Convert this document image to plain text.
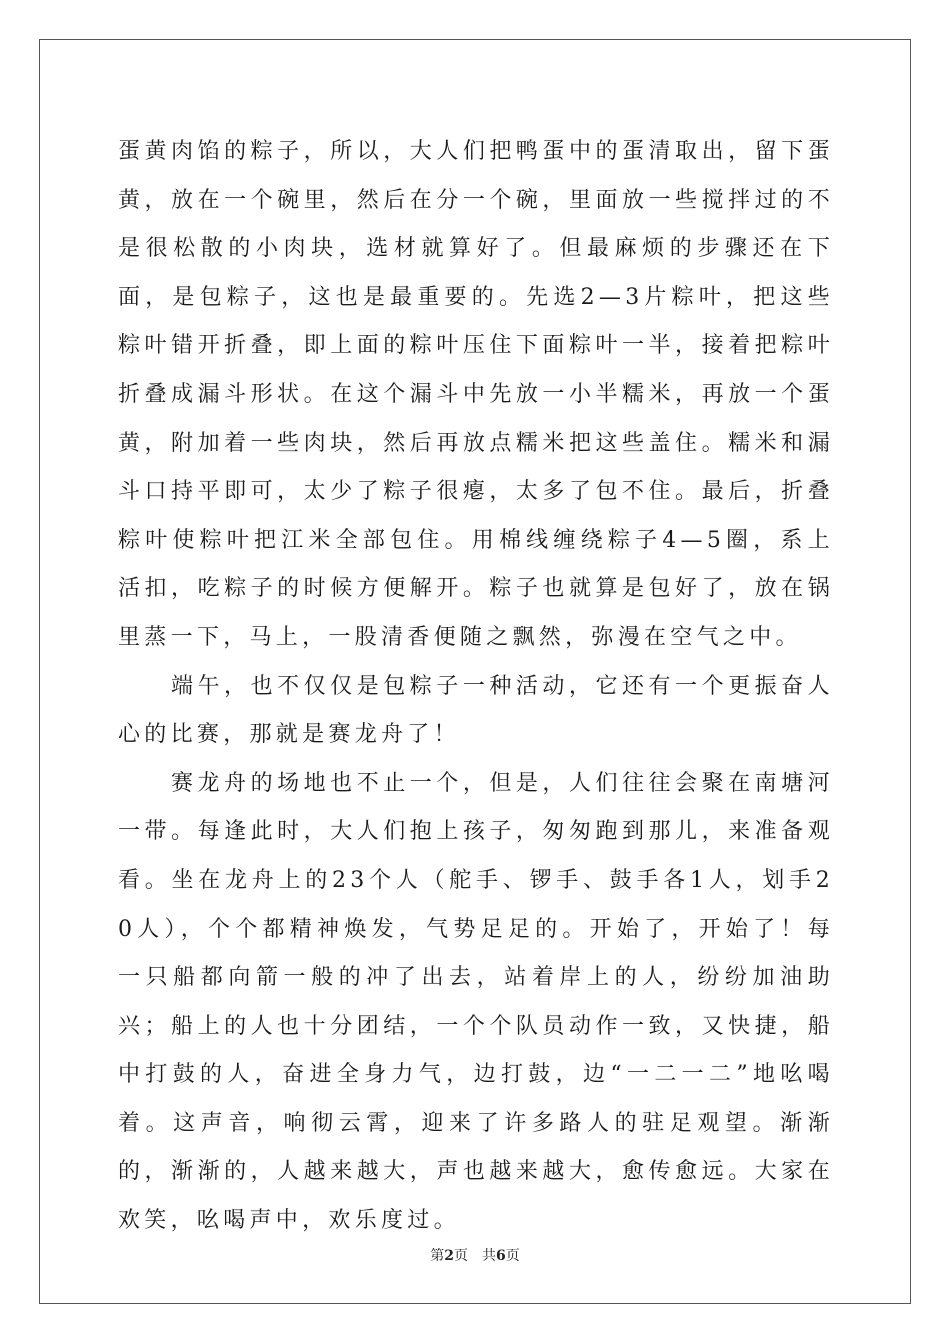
蛋黄肉馅的粽子，所以，大人们把鸭蛋中的蛋清取出，留下蛋黄，放在一个碗里，然后在分一个碗，里面放一些搅拌过的不是很松散的小肉块，选材就算好了。但最麻烦的步骤还在下面，是包粽子，这也是最重要的。先选2—3片粽叶，把这些粽叶错开折叠，即上面的粽叶压住下面粽叶一半，接着把粽叶折叠成漏斗形状。在这个漏斗中先放一小半糯米，再放一个蛋黄，附加着一些肉块，然后再放点糯米把这些盖住。糯米和漏斗口持平即可，太少了粽子很瘪，太多了包不住。最后，折叠粽叶使粽叶把江米全部包住。用棉线缠绕粽子4—5圈，系上活扣，吃粽子的时候方便解开。粽子也就算是包好了，放在锅里蒸一下，马上，一股清香便随之飘然，弥漫在空气之中。

端午，也不仅仅是包粽子一种活动，它还有一个更振奋人心的比赛，那就是赛龙舟了！

赛龙舟的场地也不止一个，但是，人们往往会聚在南塘河一带。每逢此时，大人们抱上孩子，匆匆跑到那儿，来准备观看。坐在龙舟上的23个人（舵手、锣手、鼓手各1人，划手20人），个个都精神焕发，气势足足的。开始了，开始了！每一只船都向箭一般的冲了出去，站着岸上的人，纷纷加油助兴；船上的人也十分团结，一个个队员动作一致，又快捷，船中打鼓的人，奋进全身力气，边打鼓，边“一二一二”地吆喝着。这声音，响彻云霄，迎来了许多路人的驻足观望。渐渐的，渐渐的，人越来越大，声也越来越大，愈传愈远。大家在欢笑，吆喝声中，欢乐度过。

第2页 共6页
